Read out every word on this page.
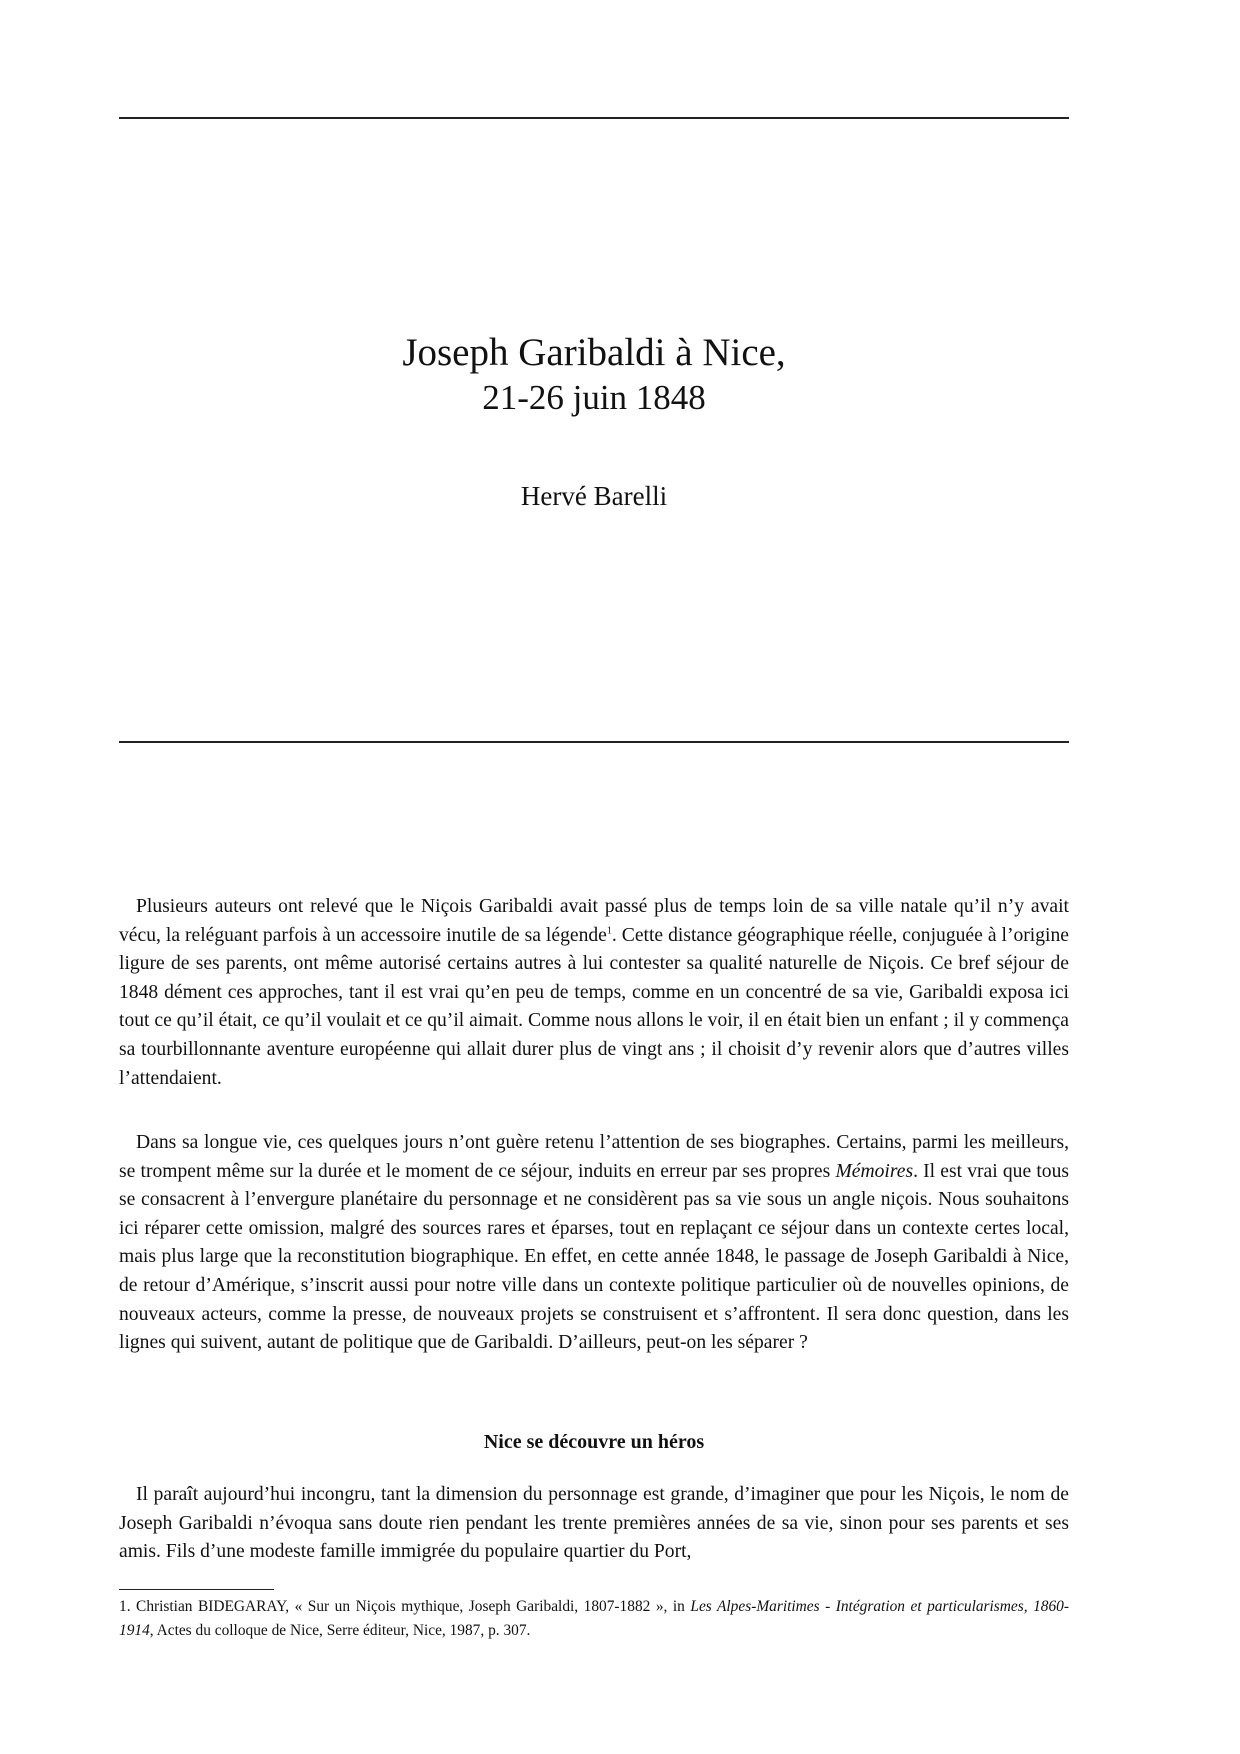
Joseph Garibaldi à Nice,
21-26 juin 1848
Hervé Barelli

Plusieurs auteurs ont relevé que le Niçois Garibaldi avait passé plus de temps loin de sa ville natale qu’il n’y avait vécu, la reléguant parfois à un accessoire inutile de sa légende$^1$. Cette distance géographique réelle, conjuguée à l’origine ligure de ses parents, ont même autorisé certains autres à lui contester sa qualité naturelle de Niçois. Ce bref séjour de 1848 dément ces approches, tant il est vrai qu’en peu de temps, comme en un concentré de sa vie, Garibaldi exposa ici tout ce qu’il était, ce qu’il voulait et ce qu’il aimait. Comme nous allons le voir, il en était bien un enfant ; il y commença sa tourbillonnante aventure européenne qui allait durer plus de vingt ans ; il choisit d’y revenir alors que d’autres villes l’attendaient.

Dans sa longue vie, ces quelques jours n’ont guère retenu l’attention de ses biographes. Certains, parmi les meilleurs, se trompent même sur la durée et le moment de ce séjour, induits en erreur par ses propres Mémoires. Il est vrai que tous se consacrent à l’envergure planétaire du personnage et ne considèrent pas sa vie sous un angle niçois. Nous souhaitons ici réparer cette omission, malgré des sources rares et éparses, tout en replaçant ce séjour dans un contexte certes local, mais plus large que la reconstitution biographique. En effet, en cette année 1848, le passage de Joseph Garibaldi à Nice, de retour d’Amérique, s’inscrit aussi pour notre ville dans un contexte politique particulier où de nouvelles opinions, de nouveaux acteurs, comme la presse, de nouveaux projets se construisent et s’affrontent. Il sera donc question, dans les lignes qui suivent, autant de politique que de Garibaldi. D’ailleurs, peut-on les séparer ?

Nice se découvre un héros

Il paraît aujourd’hui incongru, tant la dimension du personnage est grande, d’imaginer que pour les Niçois, le nom de Joseph Garibaldi n’évoqua sans doute rien pendant les trente premières années de sa vie, sinon pour ses parents et ses amis. Fils d’une modeste famille immigrée du populaire quartier du Port,

1. Christian BIDEGARAY, « Sur un Niçois mythique, Joseph Garibaldi, 1807-1882 », in Les Alpes-Maritimes - Intégration et particularismes, 1860-1914, Actes du colloque de Nice, Serre éditeur, Nice, 1987, p. 307.
